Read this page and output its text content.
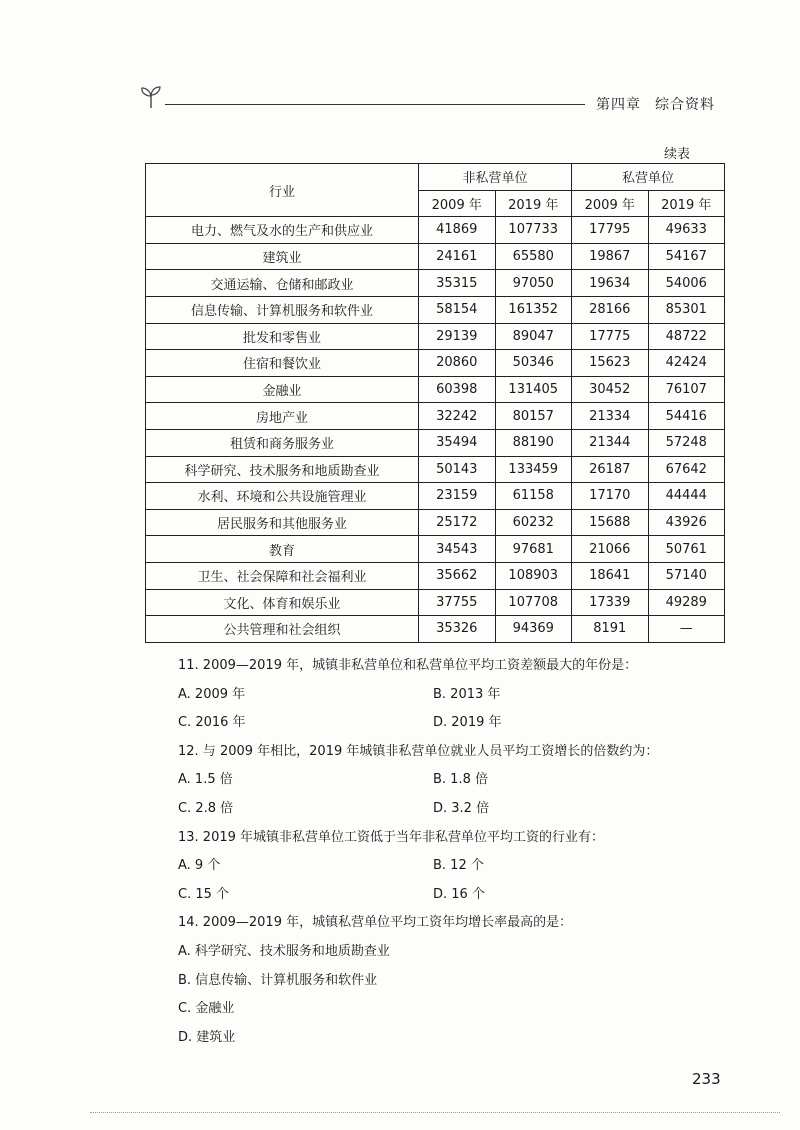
第四章 综合资料
续表
行业	非私营单位		私营单位	
	2009 年	2019 年	2009 年	2019 年
电力、燃气及水的生产和供应业	41869	107733	17795	49633
建筑业	24161	65580	19867	54167
交通运输、仓储和邮政业	35315	97050	19634	54006
信息传输、计算机服务和软件业	58154	161352	28166	85301
批发和零售业	29139	89047	17775	48722
住宿和餐饮业	20860	50346	15623	42424
金融业	60398	131405	30452	76107
房地产业	32242	80157	21334	54416
租赁和商务服务业	35494	88190	21344	57248
科学研究、技术服务和地质勘查业	50143	133459	26187	67642
水利、环境和公共设施管理业	23159	61158	17170	44444
居民服务和其他服务业	25172	60232	15688	43926
教育	34543	97681	21066	50761
卫生、社会保障和社会福利业	35662	108903	18641	57140
文化、体育和娱乐业	37755	107708	17339	49289
公共管理和社会组织	35326	94369	8191	—
11. 2009—2019 年，城镇非私营单位和私营单位平均工资差额最大的年份是：
A. 2009 年	B. 2013 年
C. 2016 年	D. 2019 年
12. 与 2009 年相比，2019 年城镇非私营单位就业人员平均工资增长的倍数约为：
A. 1.5 倍	B. 1.8 倍
C. 2.8 倍	D. 3.2 倍
13. 2019 年城镇非私营单位工资低于当年非私营单位平均工资的行业有：
A. 9 个	B. 12 个
C. 15 个	D. 16 个
14. 2009—2019 年，城镇私营单位平均工资年均增长率最高的是：
A. 科学研究、技术服务和地质勘查业
B. 信息传输、计算机服务和软件业
C. 金融业
D. 建筑业
233
